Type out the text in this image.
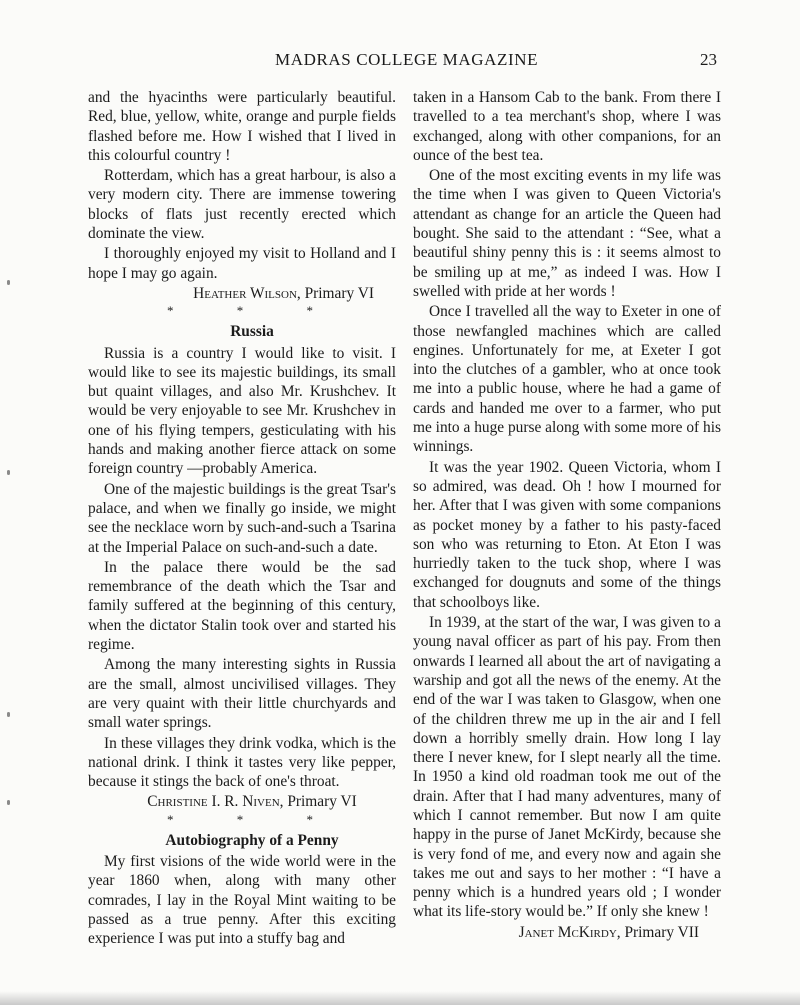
MADRAS COLLEGE MAGAZINE	23

and the hyacinths were particularly beautiful. Red, blue, yellow, white, orange and purple fields flashed before me. How I wished that I lived in this colourful country !

Rotterdam, which has a great harbour, is also a very modern city. There are immense towering blocks of flats just recently erected which dominate the view.

I thoroughly enjoyed my visit to Holland and I hope I may go again.

Heather Wilson, Primary VI
* * *
Russia

Russia is a country I would like to visit. I would like to see its majestic buildings, its small but quaint villages, and also Mr. Krushchev. It would be very enjoyable to see Mr. Krushchev in one of his flying tempers, gesticulating with his hands and making another fierce attack on some foreign country —probably America.

One of the majestic buildings is the great Tsar's palace, and when we finally go inside, we might see the necklace worn by such-and-such a Tsarina at the Imperial Palace on such-and-such a date.

In the palace there would be the sad remembrance of the death which the Tsar and family suffered at the beginning of this century, when the dictator Stalin took over and started his regime.

Among the many interesting sights in Russia are the small, almost uncivilised villages. They are very quaint with their little churchyards and small water springs.

In these villages they drink vodka, which is the national drink. I think it tastes very like pepper, because it stings the back of one's throat.

Christine I. R. Niven, Primary VI
* * *
Autobiography of a Penny

My first visions of the wide world were in the year 1860 when, along with many other comrades, I lay in the Royal Mint waiting to be passed as a true penny. After this exciting experience I was put into a stuffy bag and

taken in a Hansom Cab to the bank. From there I travelled to a tea merchant's shop, where I was exchanged, along with other companions, for an ounce of the best tea.

One of the most exciting events in my life was the time when I was given to Queen Victoria's attendant as change for an article the Queen had bought. She said to the attendant : “See, what a beautiful shiny penny this is : it seems almost to be smiling up at me,” as indeed I was. How I swelled with pride at her words !

Once I travelled all the way to Exeter in one of those newfangled machines which are called engines. Unfortunately for me, at Exeter I got into the clutches of a gambler, who at once took me into a public house, where he had a game of cards and handed me over to a farmer, who put me into a huge purse along with some more of his winnings.

It was the year 1902. Queen Victoria, whom I so admired, was dead. Oh ! how I mourned for her. After that I was given with some companions as pocket money by a father to his pasty-faced son who was returning to Eton. At Eton I was hurriedly taken to the tuck shop, where I was exchanged for dougnuts and some of the things that schoolboys like.

In 1939, at the start of the war, I was given to a young naval officer as part of his pay. From then onwards I learned all about the art of navigating a warship and got all the news of the enemy. At the end of the war I was taken to Glasgow, when one of the children threw me up in the air and I fell down a horribly smelly drain. How long I lay there I never knew, for I slept nearly all the time. In 1950 a kind old roadman took me out of the drain. After that I had many adventures, many of which I cannot remember. But now I am quite happy in the purse of Janet McKirdy, because she is very fond of me, and every now and again she takes me out and says to her mother : “I have a penny which is a hundred years old ; I wonder what its life-story would be.” If only she knew !

Janet McKirdy, Primary VII
